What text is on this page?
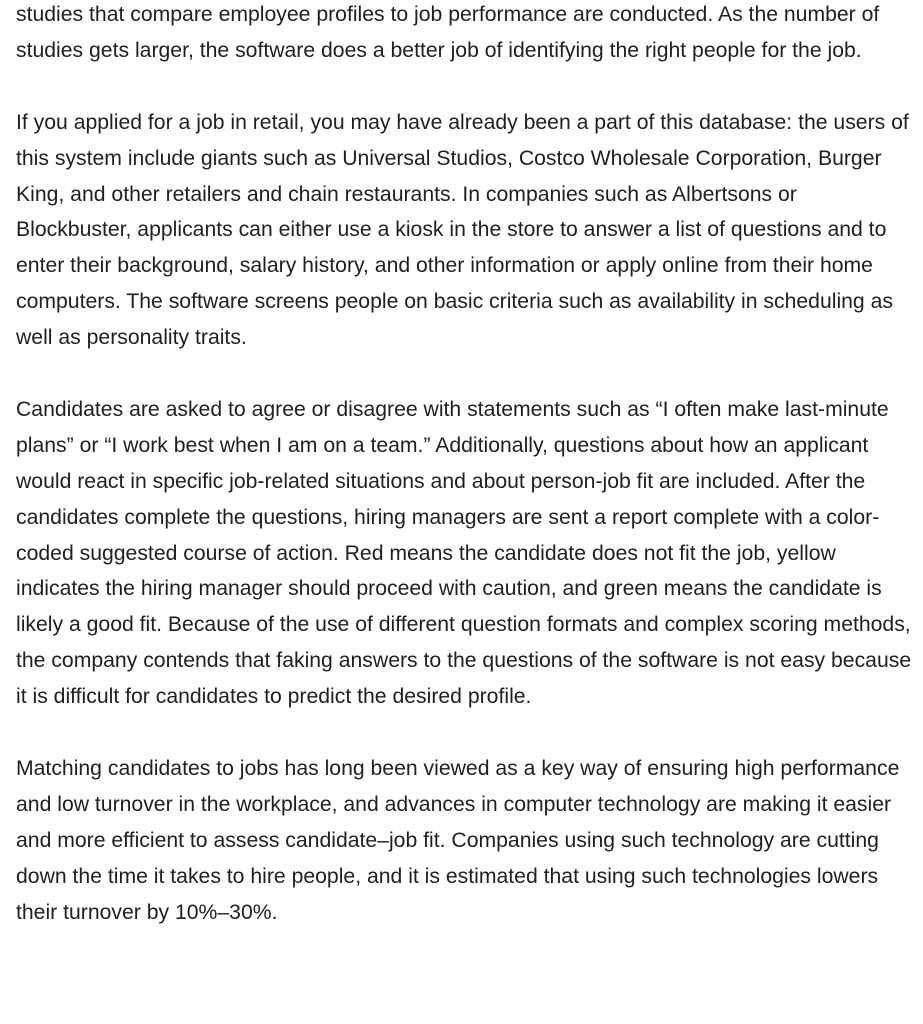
studies that compare employee profiles to job performance are conducted. As the number of studies gets larger, the software does a better job of identifying the right people for the job.

If you applied for a job in retail, you may have already been a part of this database: the users of this system include giants such as Universal Studios, Costco Wholesale Corporation, Burger King, and other retailers and chain restaurants. In companies such as Albertsons or Blockbuster, applicants can either use a kiosk in the store to answer a list of questions and to enter their background, salary history, and other information or apply online from their home computers. The software screens people on basic criteria such as availability in scheduling as well as personality traits.

Candidates are asked to agree or disagree with statements such as “I often make last-minute plans” or “I work best when I am on a team.” Additionally, questions about how an applicant would react in specific job-related situations and about person-job fit are included. After the candidates complete the questions, hiring managers are sent a report complete with a color-coded suggested course of action. Red means the candidate does not fit the job, yellow indicates the hiring manager should proceed with caution, and green means the candidate is likely a good fit. Because of the use of different question formats and complex scoring methods, the company contends that faking answers to the questions of the software is not easy because it is difficult for candidates to predict the desired profile.

Matching candidates to jobs has long been viewed as a key way of ensuring high performance and low turnover in the workplace, and advances in computer technology are making it easier and more efficient to assess candidate–job fit. Companies using such technology are cutting down the time it takes to hire people, and it is estimated that using such technologies lowers their turnover by 10%–30%.
